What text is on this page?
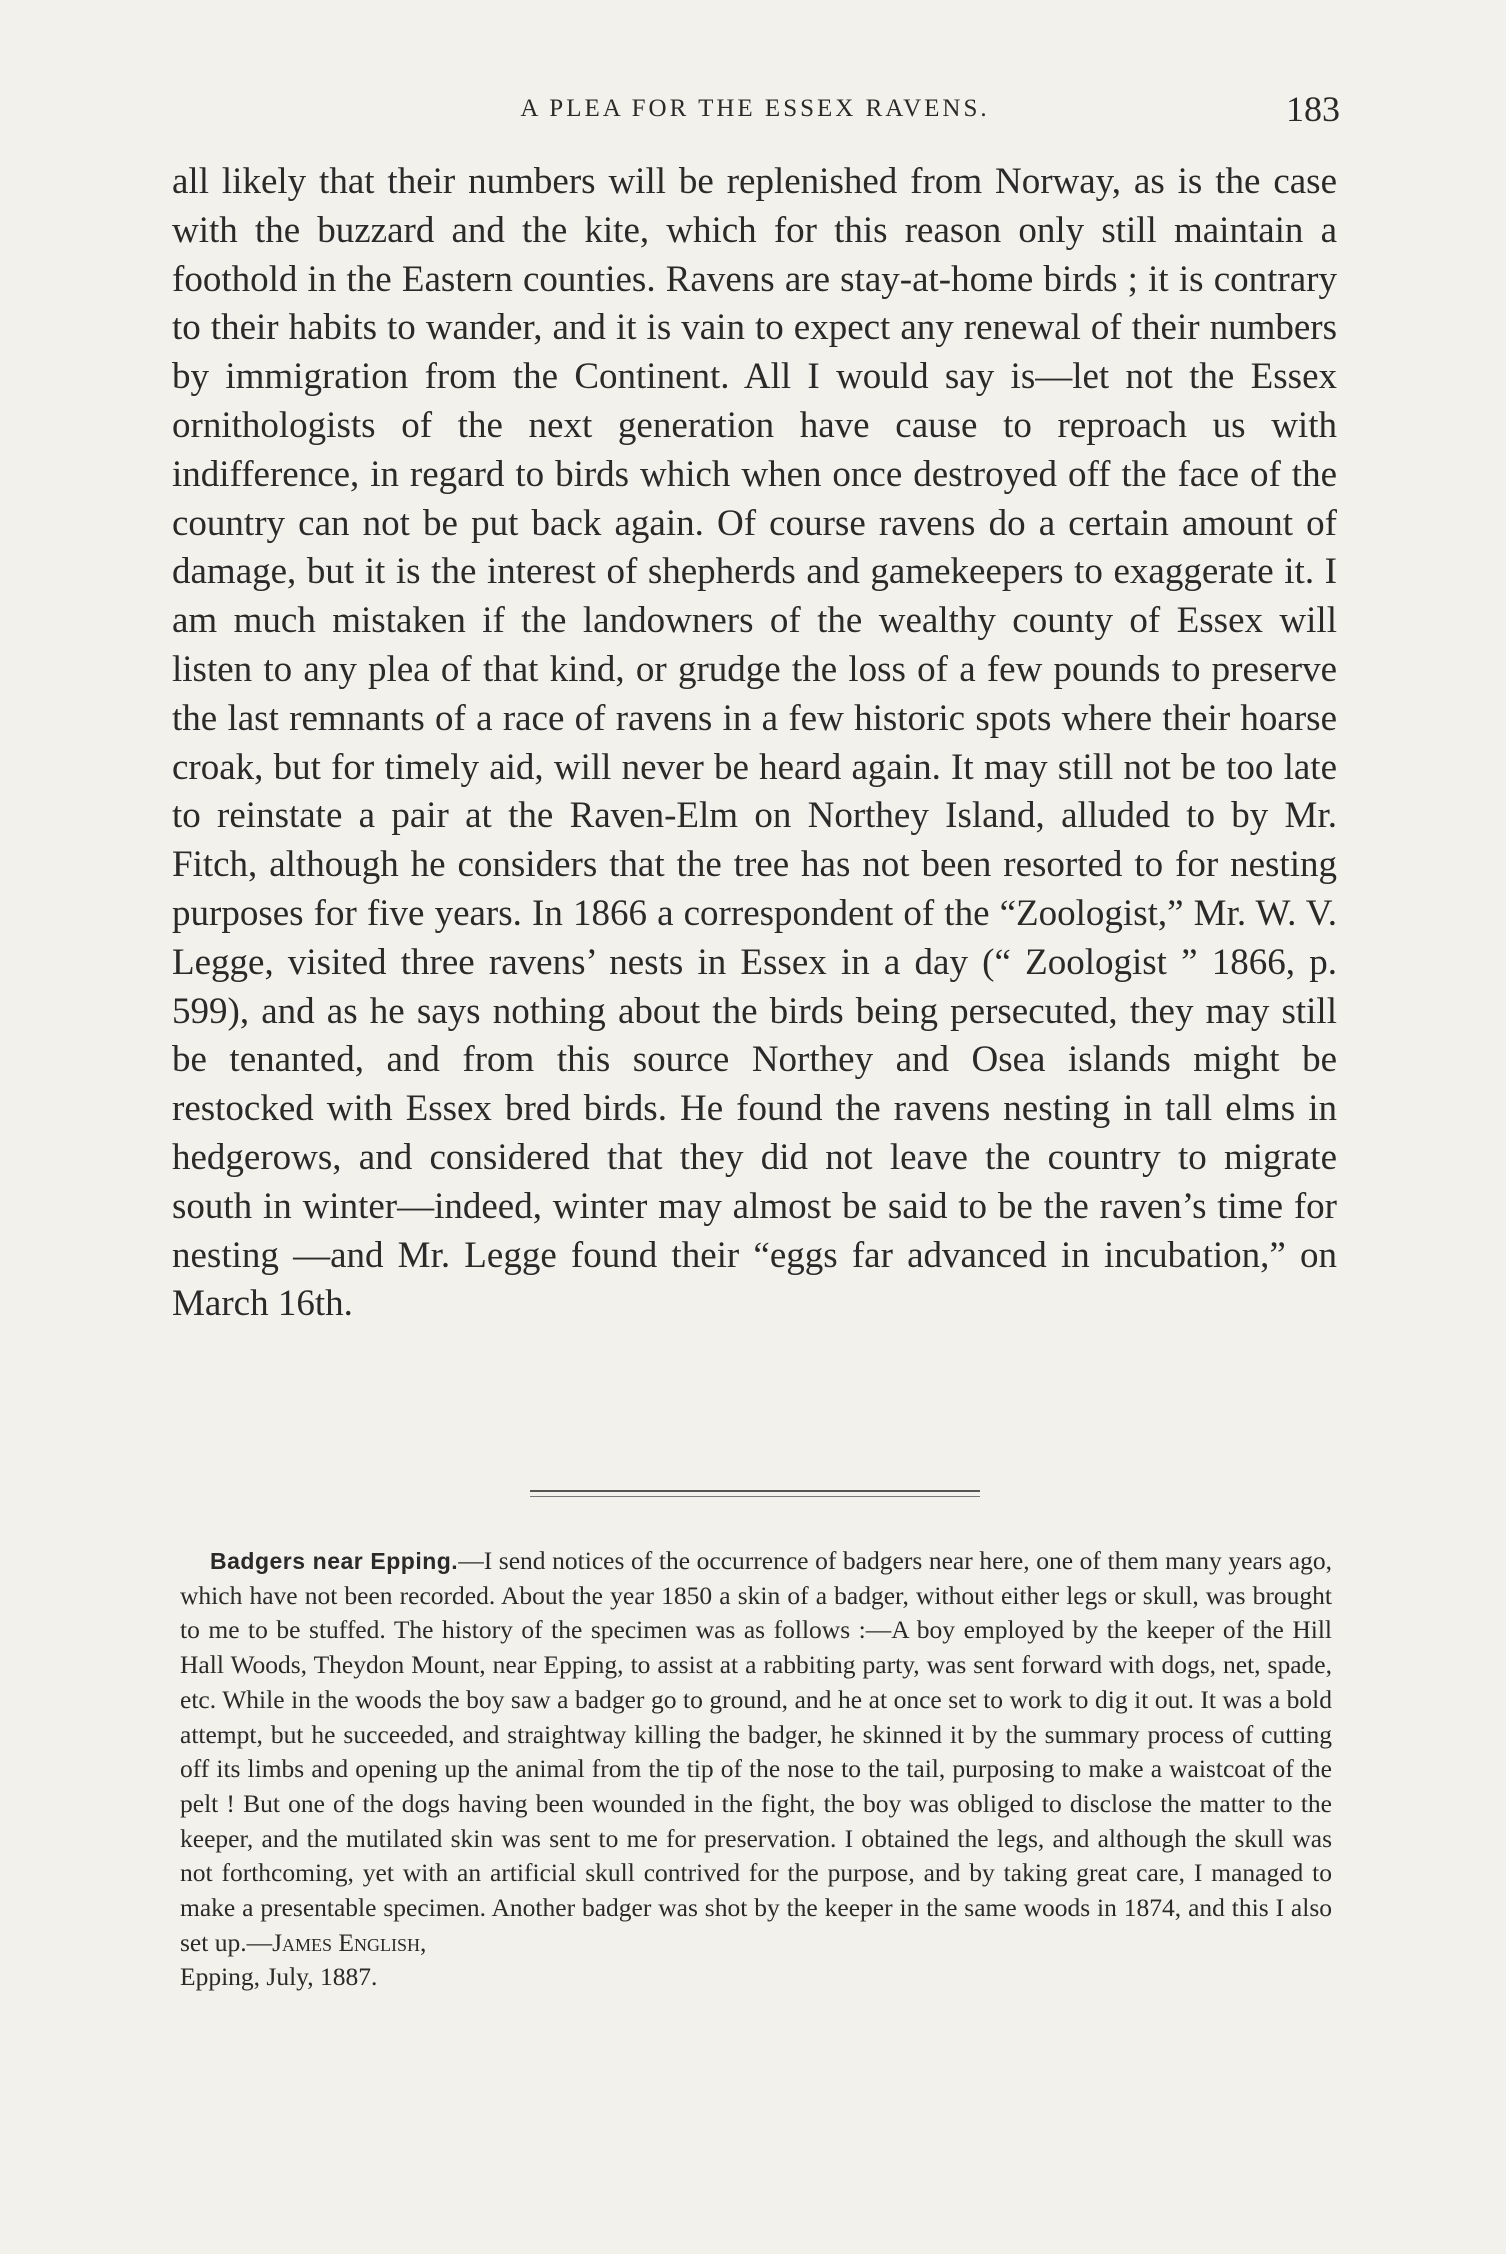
A PLEA FOR THE ESSEX RAVENS.	183

all likely that their numbers will be replenished from Norway, as is the case with the buzzard and the kite, which for this reason only still maintain a foothold in the Eastern counties. Ravens are stay-at-home birds ; it is contrary to their habits to wander, and it is vain to expect any renewal of their numbers by immigration from the Continent. All I would say is—let not the Essex ornithologists of the next generation have cause to reproach us with indifference, in regard to birds which when once destroyed off the face of the country can not be put back again. Of course ravens do a certain amount of damage, but it is the interest of shepherds and gamekeepers to exaggerate it. I am much mistaken if the landowners of the wealthy county of Essex will listen to any plea of that kind, or grudge the loss of a few pounds to preserve the last remnants of a race of ravens in a few historic spots where their hoarse croak, but for timely aid, will never be heard again. It may still not be too late to reinstate a pair at the Raven-Elm on Northey Island, alluded to by Mr. Fitch, although he considers that the tree has not been resorted to for nesting purposes for five years. In 1866 a correspondent of the “Zoologist,” Mr. W. V. Legge, visited three ravens’ nests in Essex in a day (“ Zoologist ” 1866, p. 599), and as he says nothing about the birds being persecuted, they may still be tenanted, and from this source Northey and Osea islands might be restocked with Essex bred birds. He found the ravens nesting in tall elms in hedgerows, and considered that they did not leave the country to migrate south in winter—indeed, winter may almost be said to be the raven’s time for nesting —and Mr. Legge found their “eggs far advanced in incubation,” on March 16th.

Badgers near Epping.—I send notices of the occurrence of badgers near here, one of them many years ago, which have not been recorded. About the year 1850 a skin of a badger, without either legs or skull, was brought to me to be stuffed. The history of the specimen was as follows :—A boy employed by the keeper of the Hill Hall Woods, Theydon Mount, near Epping, to assist at a rabbiting party, was sent forward with dogs, net, spade, etc. While in the woods the boy saw a badger go to ground, and he at once set to work to dig it out. It was a bold attempt, but he succeeded, and straightway killing the badger, he skinned it by the summary process of cutting off its limbs and opening up the animal from the tip of the nose to the tail, purposing to make a waistcoat of the pelt ! But one of the dogs having been wounded in the fight, the boy was obliged to disclose the matter to the keeper, and the mutilated skin was sent to me for preservation. I obtained the legs, and although the skull was not forthcoming, yet with an artificial skull contrived for the purpose, and by taking great care, I managed to make a presentable specimen. Another badger was shot by the keeper in the same woods in 1874, and this I also set up.—James English,
Epping, July, 1887.
